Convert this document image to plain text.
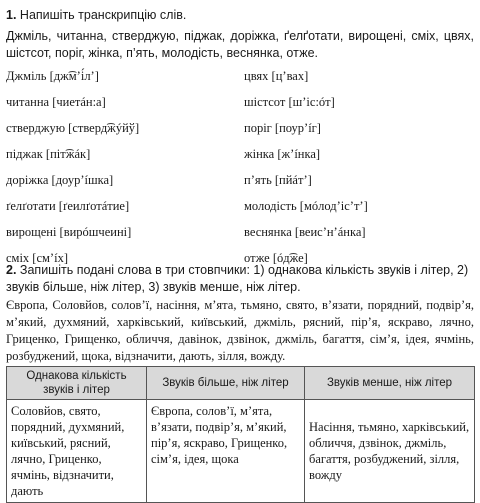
1. Напишіть транскрипцію слів.
Джміль, читанна, стверджую, піджак, доріжка, ґелґотати, вирощені, сміх, цвях, шістсот, поріг, жінка, п’ять, молодість, веснянка, отже.
Джміль [дж͡м’і́л’]
читанна [чиетáн:а]
стверджую [стверд͡жýйў]
піджак [піт͡жáк]
доріжка [доур’íшка]
ґелґотати [ґеилґотáтие]
вирощені [вирóшчеині]
сміх [см’íх]
цвях [ц’вах]
шістсот [ш’іс:óт]
поріг [поур’íг]
жінка [ж’íнка]
п’ять [пйáт’]
молодість [мóлод’іс’т’]
веснянка [веис’н’áнка]
отже [óд͡же]
2. Запишіть подані слова в три стовпчики: 1) однакова кількість звуків і літер, 2) звуків більше, ніж літер, 3) звуків менше, ніж літер.
Європа, Соловйов, солов’ї, насіння, м’ята, тьмяно, свято, в’язати, порядний, подвір’я, м’який, духмяний, харківський, київський, джміль, рясний, пір’я, яскраво, лячно, Гриценко, Грищенко, обличчя, давінок, дзвінок, джміль, багаття, сім’я, ідея, ячмінь, розбуджений, щока, відзначити, дають, зілля, вожду.
Однакова кількість звуків і літер	Звуків більше, ніж літер	Звуків менше, ніж літер
Соловйов, свято, порядний, духмяний, київський, рясний, лячно, Гриценко, ячмінь, відзначити, дають	Європа, солов’ї, м’ята, в’язати, подвір’я, м’який, пір’я, яскраво, Грищенко, сім’я, ідея, щока	Насіння, тьмяно, харківський, обличчя, дзвінок, джміль, багаття, розбуджений, зілля, вожду
